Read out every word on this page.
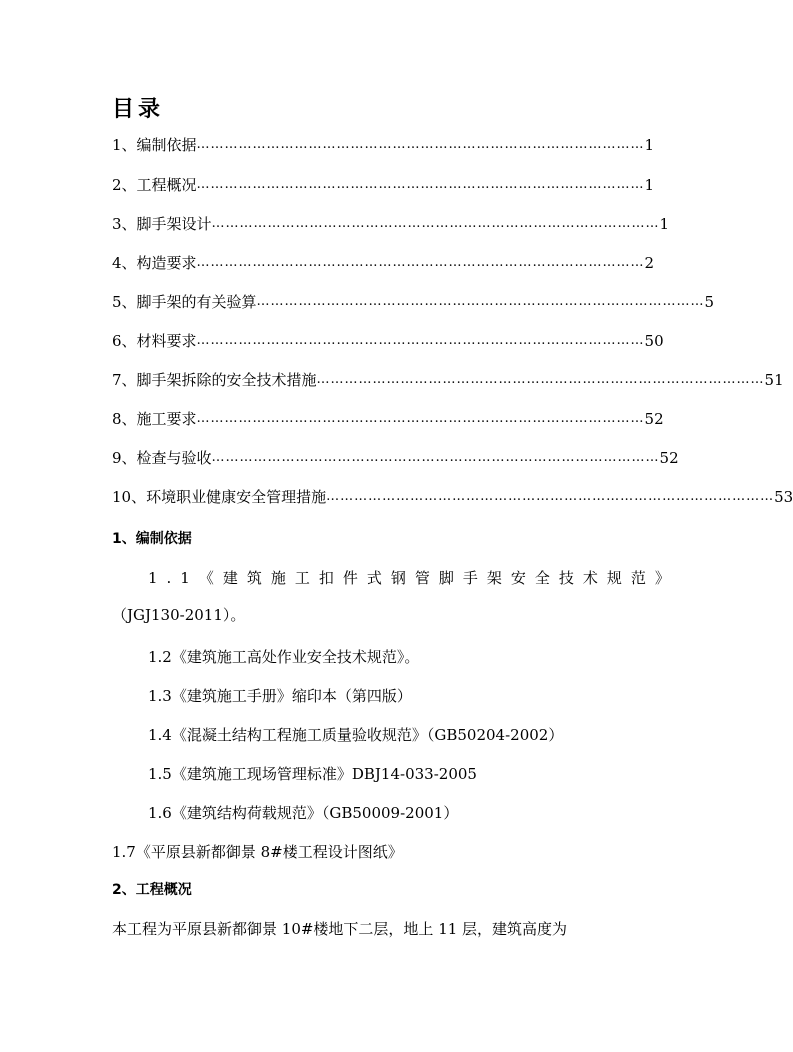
目录
1、编制依据 …………………………………………………………………………………… 1
2、工程概况 …………………………………………………………………………………… 1
3、脚手架设计 …………………………………………………………………………………… 1
4、构造要求 …………………………………………………………………………………… 2
5、脚手架的有关验算 …………………………………………………………………………………… 5
6、材料要求 …………………………………………………………………………………… 50
7、脚手架拆除的安全技术措施 …………………………………………………………………………………… 51
8、施工要求 …………………………………………………………………………………… 52
9、检查与验收 …………………………………………………………………………………… 52
10、环境职业健康安全管理措施 …………………………………………………………………………………… 53
1、编制依据
1.1《建筑施工扣件式钢管脚手架安全技术规范》
（JGJ130-2011）。
1.2《建筑施工高处作业安全技术规范》。
1.3《建筑施工手册》缩印本（第四版）
1.4《混凝土结构工程施工质量验收规范》（GB50204-2002）
1.5《建筑施工现场管理标准》DBJ14-033-2005
1.6《建筑结构荷载规范》（GB50009-2001）
1.7《平原县新都御景 8#楼工程设计图纸》
2、工程概况
本工程为平原县新都御景 10#楼地下二层，地上 11 层，建筑高度为
